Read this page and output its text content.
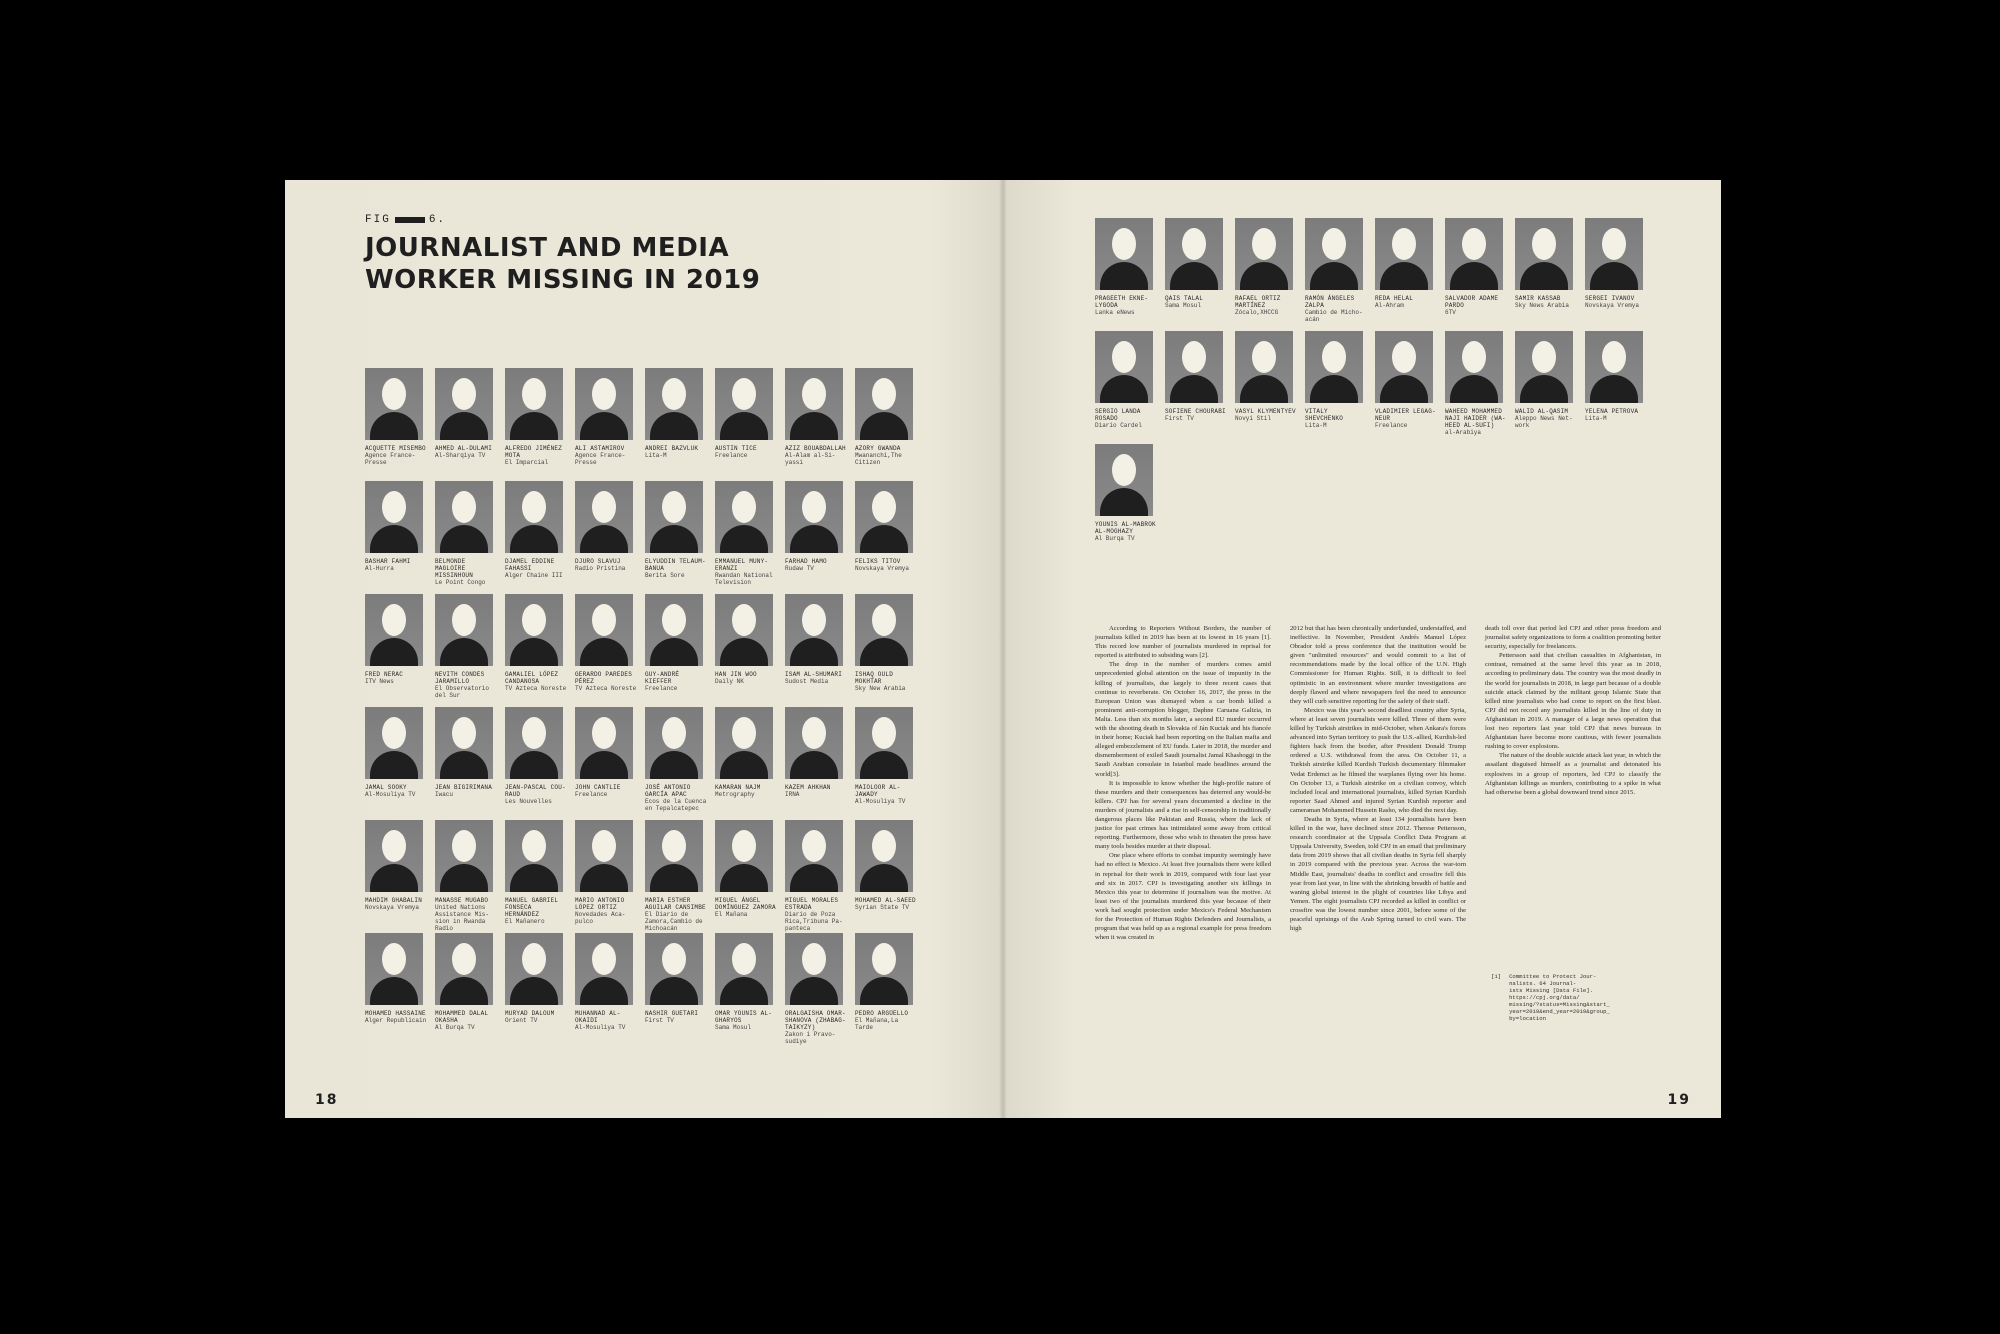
FIG	6.
JOURNALIST AND MEDIA WORKER MISSING IN 2019
ACQUETTE MISEMBO
Agence France-
Presse
AHMED AL-DULAMI
Al-Sharqiya TV
ALFREDO JIMÉNEZ
MOTA
El Imparcial
ALI ASTAMIROV
Agence France-
Presse
ANDREI BAZVLUK
Lita-M
AUSTIN TICE
Freelance
AZIZ BOUABDALLAH
Al-Alam al-Si-
yassi
AZORY GWANDA
Mwananchi,The
Citizen
BASHAR FAHMI
Al-Hurra
BELMONDE MAGLOIRE
MISSINHOUN
Le Point Congo
DJAMEL EDDINE
FAHASSI
Alger Chaine III
DJURO SLAVUJ
Radio Pristina
ELYUDDIN TELAUM-
BANUA
Berita Sore
EMMANUEL MUNY-
ERANZI
Rwandan National
Television
FARHAD HAMO
Rudaw TV
FELIKS TITOV
Novskaya Vremya
FRED NERAC
ITV News
NEVITH CONDES
JARAMILLO
El Observatorio
del Sur
GAMALIEL LÓPEZ
CANDANOSA
TV Azteca Noreste
GERARDO PAREDES
PÉREZ
TV Azteca Noreste
GUY-ANDRÉ KIEFFER
Freelance
HAN JIN WOO
Daily NK
ISAM AL-SHUMARI
Sudost Media
ISHAQ OULD
MOKHTAR
Sky New Arabia
JAMAL SOOKY
Al-Mosuliya TV
JEAN BIGIRIMANA
Iwacu
JEAN-PASCAL COU-
RAUD
Les Nouvelles
JOHN CANTLIE
Freelance
JOSÉ ANTONIO
GARCÍA APAC
Ecos de la Cuenca
en Tepalcatepec
KAMARAN NAJM
Metrography
KAZEM AHKHAN
IRNA
MAIOLOOR AL-
JAWADY
Al-Mosuliya TV
MAHDIM GHABALIN
Novskaya Vremya
MANASSE MUGABO
United Nations
Assistance Mis-
sion in Rwanda
Radio
MANUEL GABRIEL
FONSECA HERNÁNDEZ
El Mañanero
MARIO ANTONIO
LÓPEZ ORTIZ
Novedades Aca-
pulco
MARIA ESTHER
AGUILAR CANSIMBE
El Diario de
Zamora,Cambio de
Michoacán
MIGUEL ÁNGEL
DOMÍNGUEZ ZAMORA
El Mañana
MIGUEL MORALES
ESTRADA
Diario de Poza
Rica,Tribuna Pa-
panteca
MOHAMED AL-SAEED
Syrian State TV
MOHAMED HASSAINE
Alger Republicain
MOHAMMED DALAL
OKASHA
Al Burqa TV
MURYAD DALOUM
Orient TV
MUHANNAD AL-
OKAIDI
Al-Mosuliya TV
NASHIR GUETARI
First TV
OMAR YOUNIS AL-
GHARYOS
Sama Mosul
ORALGAISHA OMAR-
SHANOVA (ZHABAG-
TAIKYZY)
Zakon i Pravo-
sudiye
PEDRO ARGÜELLO
El Mañana,La
Tarde
18
PRAGEETH EKNE-
LYGODA
Lanka eNews
QAIS TALAL
Sama Mosul
RAFAEL ORTIZ
MARTÍNEZ
Zócalo,XHCCG
RAMÓN ÁNGELES
ZALPA
Cambio de Micho-
acán
REDA HELAL
Al-Ahram
SALVADOR ADAME
PARDO
6TV
SAMIR KASSAB
Sky News Arabia
SERGEI IVANOV
Novskaya Vremya
SERGIO LANDA
ROSADO
Diario Cardel
SOFIENE CHOURABI
First TV
VASYL KLYMENTYEV
Novyi Stil
VITALY SHEVCHENKO
Lita-M
VLADIMIER LEGAG-
NEUR
Freelance
WAHEED MOHAMMED
NAJI HAIDER (WA-
HEED AL-SUFI)
al-Arabiya
WALID AL-QASIM
Aleppo News Net-
work
YELENA PETROVA
Lita-M
YOUNIS AL-MABROK
AL-MOGHAZY
Al Burqa TV

According to Reporters Without Borders, the number of journalists killed in 2019 has been at its lowest in 16 years [1]. This record low number of journalists murdered in reprisal for reported is attributed to subsiding wars [2].

The drop in the number of murders comes amid unprecedented global attention on the issue of impunity in the killing of journalists, due largely to three recent cases that continue to reverberate. On October 16, 2017, the press in the European Union was dismayed when a car bomb killed a prominent anti-corruption blogger, Daphne Caruana Galizia, in Malta. Less than six months later, a second EU murder occurred with the shooting death in Slovakia of Ján Kuciak and his fiancée in their home; Kuciak had been reporting on the Italian mafia and alleged embezzlement of EU funds. Later in 2018, the murder and dismemberment of exiled Saudi journalist Jamal Khashoggi in the Saudi Arabian consulate in Istanbul made headlines around the world[3].

It is impossible to know whether the high-profile nature of these murders and their consequences has deterred any would-be killers. CPJ has for several years documented a decline in the murders of journalists and a rise in self-censorship in traditionally dangerous places like Pakistan and Russia, where the lack of justice for past crimes has intimidated some away from critical reporting. Furthermore, those who wish to threaten the press have many tools besides murder at their disposal.

One place where efforts to combat impunity seemingly have had no effect is Mexico. At least five journalists there were killed in reprisal for their work in 2019, compared with four last year and six in 2017. CPJ is investigating another six killings in Mexico this year to determine if journalism was the motive. At least two of the journalists murdered this year because of their work had sought protection under Mexico's Federal Mechanism for the Protection of Human Rights Defenders and Journalists, a program that was held up as a regional example for press freedom when it was created in

2012 but that has been chronically underfunded, understaffed, and ineffective. In November, President Andrés Manuel López Obrador told a press conference that the institution would be given "unlimited resources" and would commit to a list of recommendations made by the local office of the U.N. High Commissioner for Human Rights. Still, it is difficult to feel optimistic in an environment where murder investigations are deeply flawed and where newspapers feel the need to announce they will curb sensitive reporting for the safety of their staff.

Mexico was this year's second deadliest country after Syria, where at least seven journalists were killed. Three of them were killed by Turkish airstrikes in mid-October, when Ankara's forces advanced into Syrian territory to push the U.S.-allied, Kurdish-led fighters back from the border, after President Donald Trump ordered a U.S. withdrawal from the area. On October 11, a Turkish airstrike killed Kurdish Turkish documentary filmmaker Vedat Erdemci as he filmed the warplanes flying over his home. On October 13, a Turkish airstrike on a civilian convoy, which included local and international journalists, killed Syrian Kurdish reporter Saad Ahmed and injured Syrian Kurdish reporter and cameraman Mohammed Hussein Rasho, who died the next day.

Deaths in Syria, where at least 134 journalists have been killed in the war, have declined since 2012. Therese Pettersson, research coordinator at the Uppsala Conflict Data Program at Uppsala University, Sweden, told CPJ in an email that preliminary data from 2019 shows that all civilian deaths in Syria fell sharply in 2019 compared with the previous year. Across the war-torn Middle East, journalists' deaths in conflict and crossfire fell this year from last year, in line with the shrinking breadth of battle and waning global interest in the plight of countries like Libya and Yemen. The eight journalists CPJ recorded as killed in conflict or crossfire was the lowest number since 2001, before some of the peaceful uprisings of the Arab Spring turned to civil wars. The high

death toll over that period led CPJ and other press freedom and journalist safety organizations to form a coalition promoting better security, especially for freelancers.

Pettersson said that civilian casualties in Afghanistan, in contrast, remained at the same level this year as in 2018, according to preliminary data. The country was the most deadly in the world for journalists in 2018, in large part because of a double suicide attack claimed by the militant group Islamic State that killed nine journalists who had come to report on the first blast. CPJ did not record any journalists killed in the line of duty in Afghanistan in 2019. A manager of a large news operation that lost two reporters last year told CPJ that news bureaus in Afghanistan have become more cautious, with fewer journalists rushing to cover explosions.

The nature of the double suicide attack last year, in which the assailant disguised himself as a journalist and detonated his explosives in a group of reporters, led CPJ to classify the Afghanistan killings as murders, contributing to a spike in what had otherwise been a global downward trend since 2015.

[1] Committee to Protect Jour-
nalists. 64 Journal-
ists Missing [Data File].
https://cpj.org/data/
missing/?status=Missing&start_
year=2019&end_year=2019&group_
by=location
19
